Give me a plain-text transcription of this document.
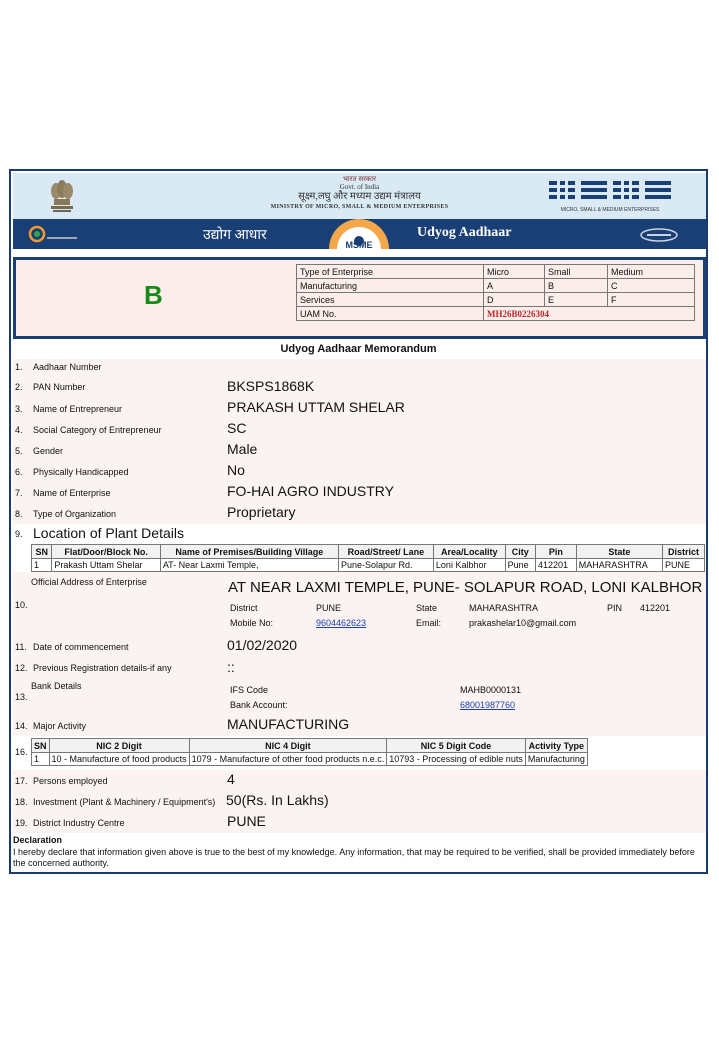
भारत सरकार
Govt. of India
सूक्ष्म,लघु और मध्यम उद्यम मंत्रालय
MINISTRY OF MICRO, SMALL & MEDIUM ENTERPRISES	MICRO, SMALL & MEDIUM ENTERPRISES
उद्योग आधार
MSME
Udyog Aadhaar
B
Type of Enterprise	Micro	Small	Medium
Manufacturing	A	B	C
Services	D	E	F
UAM No.	MH26B0226304		
Udyog Aadhaar Memorandum
1. Aadhaar Number
2. PAN Number	BKSPS1868K
3. Name of Entrepreneur	PRAKASH UTTAM SHELAR
4. Social Category of Entrepreneur	SC
5. Gender	Male
6. Physically Handicapped	No
7. Name of Enterprise	FO-HAI AGRO INDUSTRY
8. Type of Organization	Proprietary
9. Location of Plant Details
SN	Flat/Door/Block No.	Name of Premises/Building Village	Road/Street/ Lane	Area/Locality	City	Pin	State	District
1	Prakash Uttam Shelar	AT- Near Laxmi Temple,	Pune-Solapur Rd.	Loni Kalbhor	Pune	412201	MAHARASHTRA	PUNE
10.
Official Address of Enterprise	AT NEAR LAXMI TEMPLE, PUNE- SOLAPUR ROAD, LONI KALBHOR
District	PUNE	State	MAHARASHTRA	PIN 412201
Mobile No:	9604462623	Email:	prakashelar10@gmail.com
11. Date of commencement	01/02/2020
12. Previous Registration details-if any	::
13.
Bank Details	IFS Code	MAHB0000131
Bank Account:	68001987760
14. Major Activity	MANUFACTURING
16.
SN	NIC 2 Digit	NIC 4 Digit	NIC 5 Digit Code	Activity Type
1	10 - Manufacture of food products	1079 - Manufacture of other food products n.e.c.	10793 - Processing of edible nuts	Manufacturing
17. Persons employed	4
18. Investment (Plant & Machinery / Equipment's) 50(Rs. In Lakhs)
19. District Industry Centre	PUNE
Declaration
I hereby declare that information given above is true to the best of my knowledge. Any information, that may be required to be verified, shall be provided immediately before the concerned authority.
